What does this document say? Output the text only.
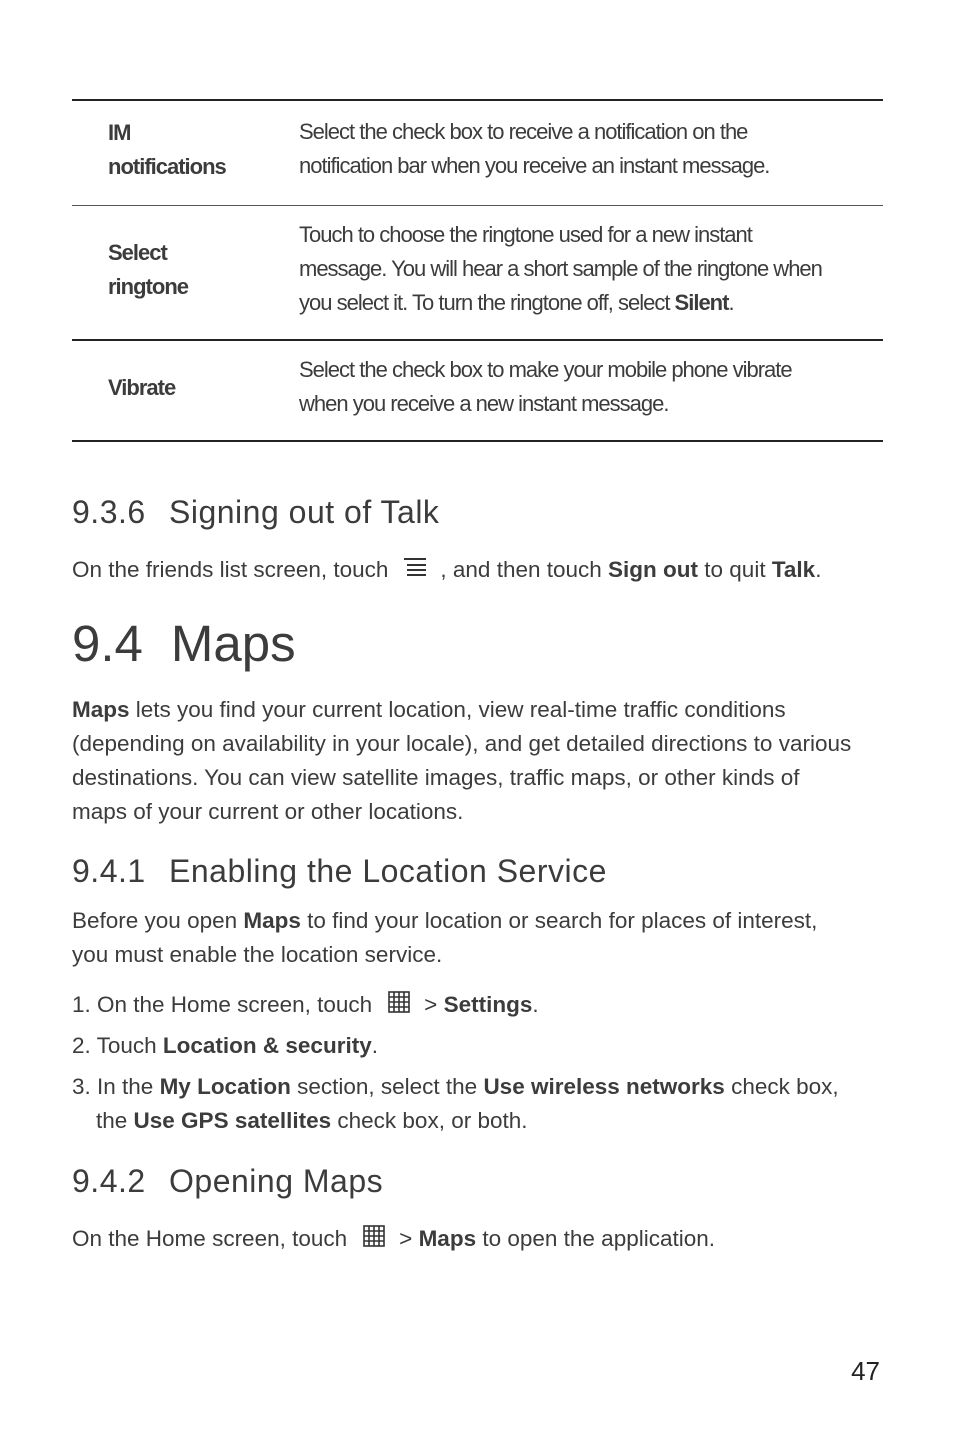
IM
notifications
Select the check box to receive a notification on the
notification bar when you receive an instant message.
Select
ringtone
Touch to choose the ringtone used for a new instant
message. You will hear a short sample of the ringtone when
you select it. To turn the ringtone off, select Silent.
Vibrate
Select the check box to make your mobile phone vibrate
when you receive a new instant message.
9.3.6 Signing out of Talk
On the friends list screen, touch , and then touch Sign out to quit Talk.
9.4 Maps
Maps lets you find your current location, view real-time traffic conditions
(depending on availability in your locale), and get detailed directions to various
destinations. You can view satellite images, traffic maps, or other kinds of
maps of your current or other locations.
9.4.1 Enabling the Location Service
Before you open Maps to find your location or search for places of interest,
you must enable the location service.
1. On the Home screen, touch > Settings.
2. Touch Location & security.
3. In the My Location section, select the Use wireless networks check box,
the Use GPS satellites check box, or both.
9.4.2 Opening Maps
On the Home screen, touch > Maps to open the application.
47
